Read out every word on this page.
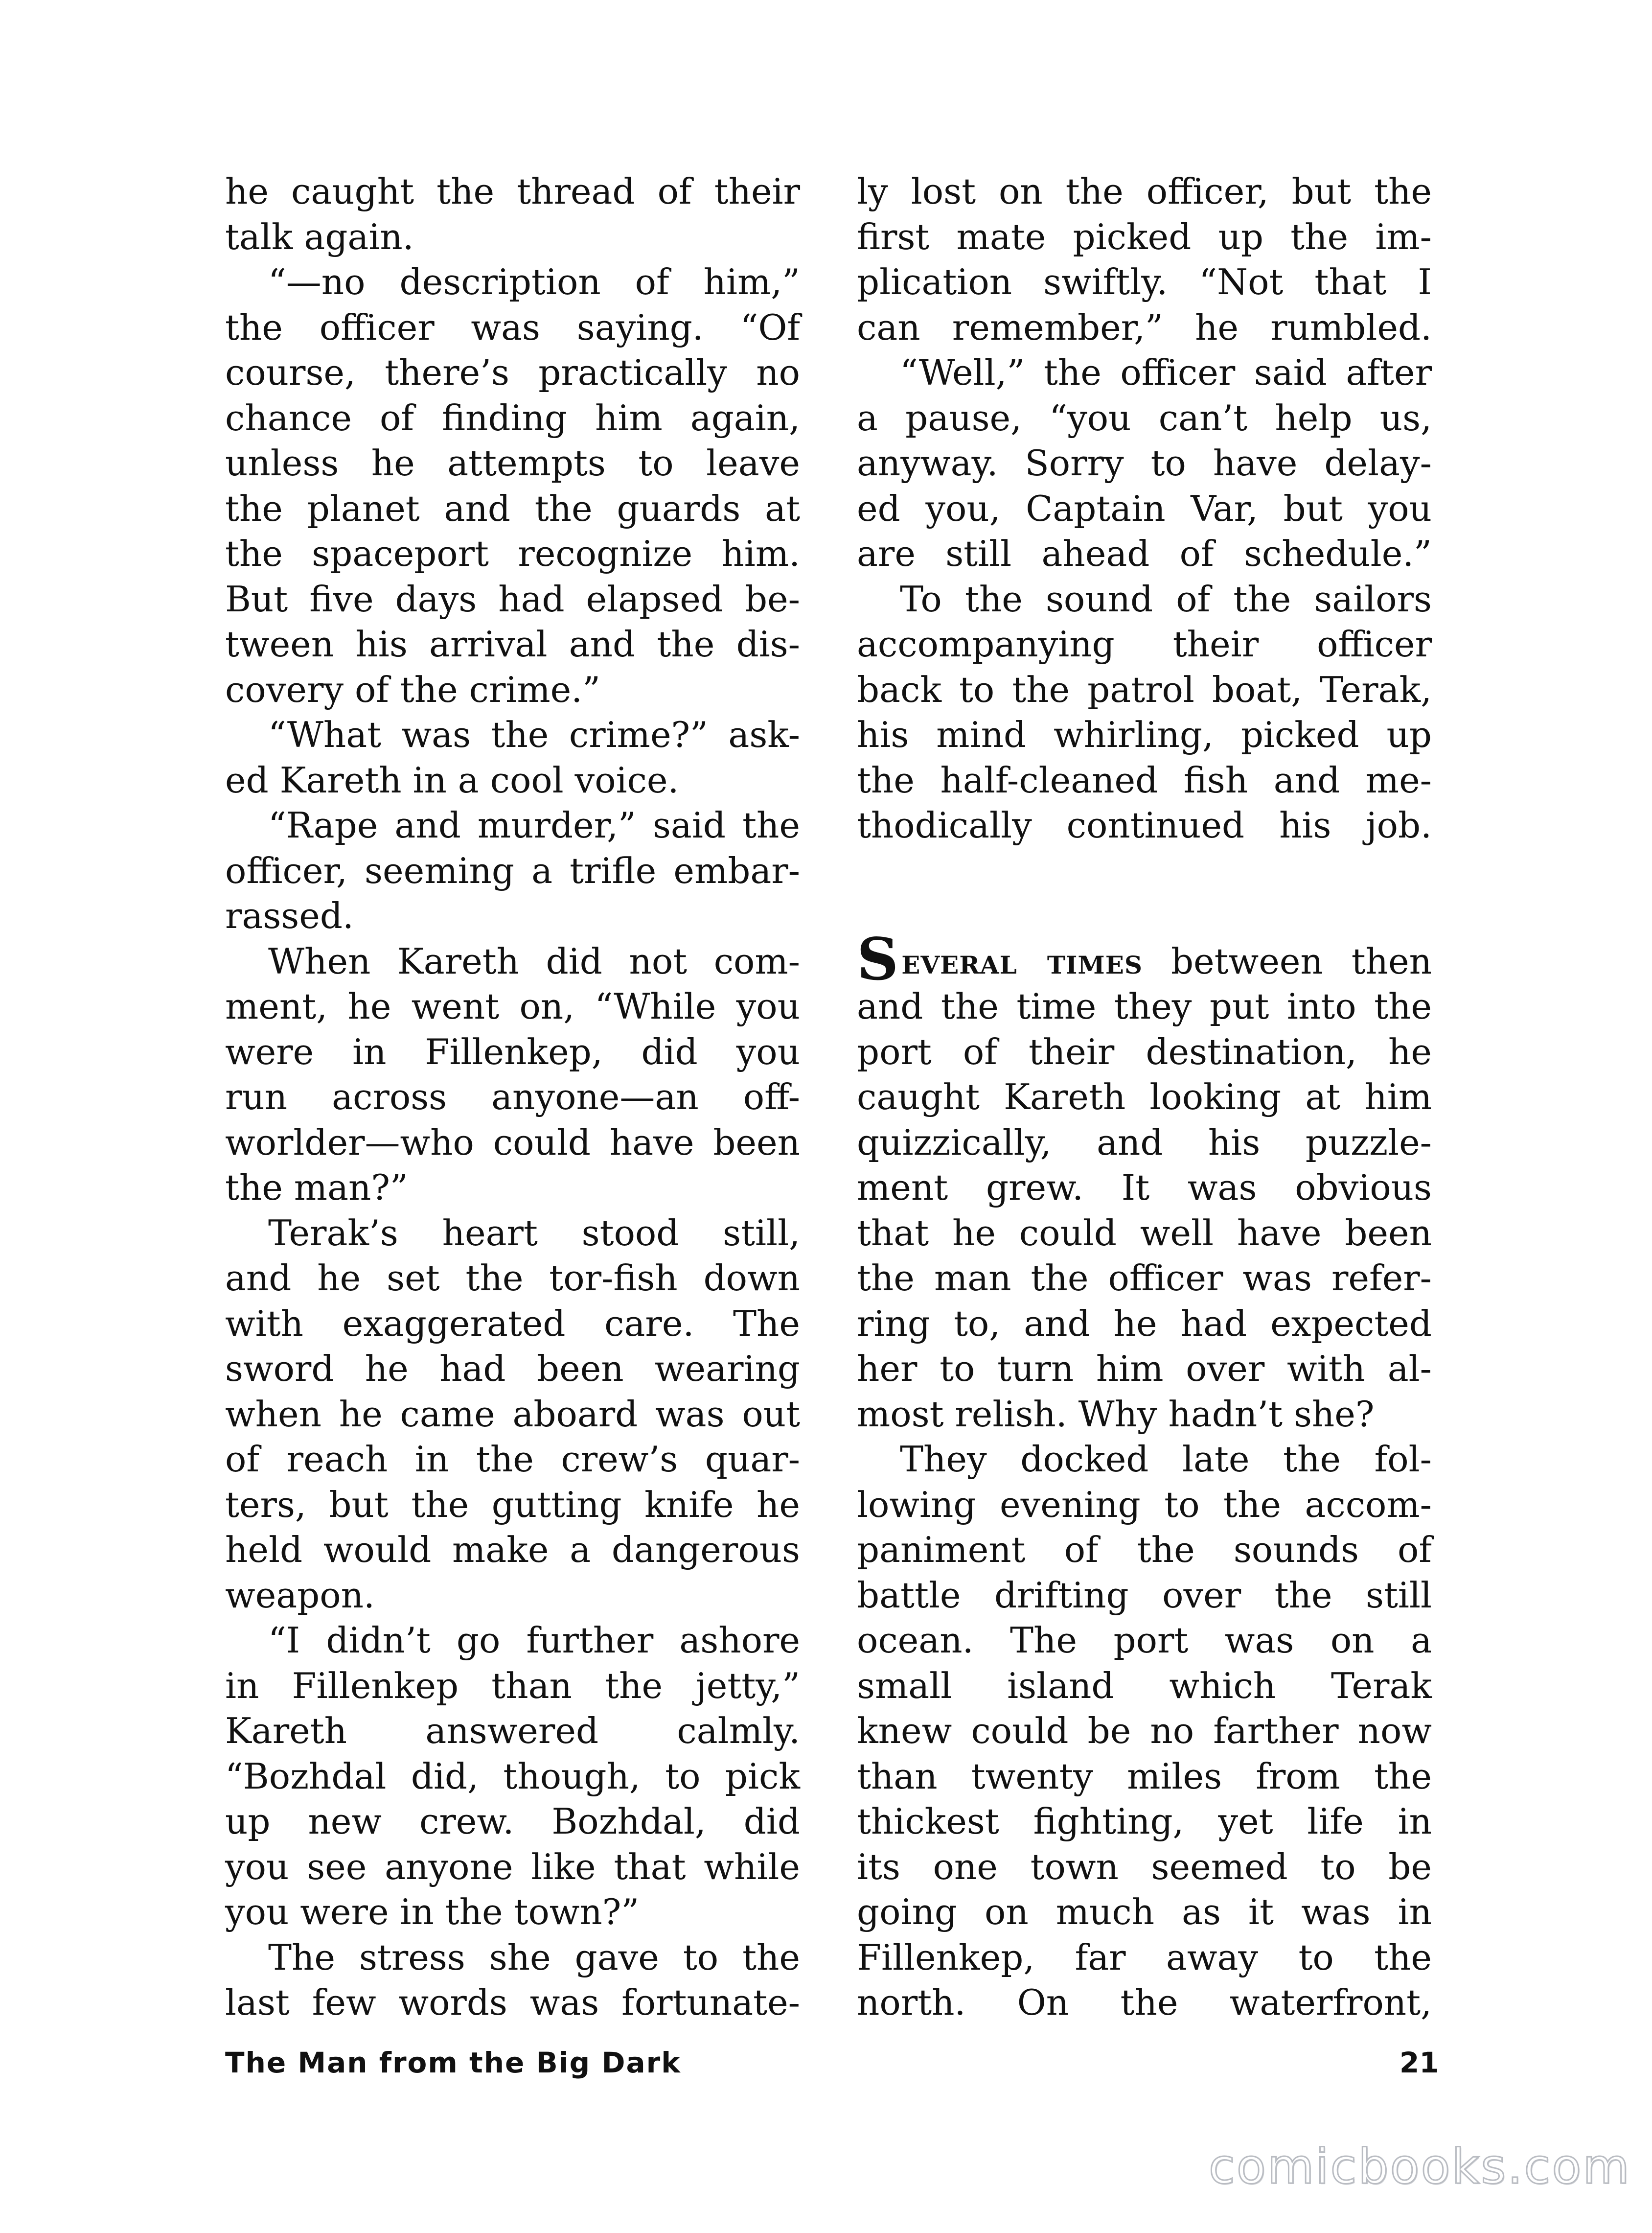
he caught the thread of their
talk again.
“—no description of him,”
the officer was saying. “Of
course, there’s practically no
chance of finding him again,
unless he attempts to leave
the planet and the guards at
the spaceport recognize him.
But five days had elapsed be-
tween his arrival and the dis-
covery of the crime.”
“What was the crime?” ask-
ed Kareth in a cool voice.
“Rape and murder,” said the
officer, seeming a trifle embar-
rassed.
When Kareth did not com-
ment, he went on, “While you
were in Fillenkep, did you
run across anyone—an off-
worlder—who could have been
the man?”
Terak’s heart stood still,
and he set the tor-fish down
with exaggerated care. The
sword he had been wearing
when he came aboard was out
of reach in the crew’s quar-
ters, but the gutting knife he
held would make a dangerous
weapon.
“I didn’t go further ashore
in Fillenkep than the jetty,”
Kareth answered calmly.
“Bozhdal did, though, to pick
up new crew. Bozhdal, did
you see anyone like that while
you were in the town?”
The stress she gave to the
last few words was fortunate-
ly lost on the officer, but the
first mate picked up the im-
plication swiftly. “Not that I
can remember,” he rumbled.
“Well,” the officer said after
a pause, “you can’t help us,
anyway. Sorry to have delay-
ed you, Captain Var, but you
are still ahead of schedule.”
To the sound of the sailors
accompanying their officer
back to the patrol boat, Terak,
his mind whirling, picked up
the half-cleaned fish and me-
thodically continued his job.
Several times between then
and the time they put into the
port of their destination, he
caught Kareth looking at him
quizzically, and his puzzle-
ment grew. It was obvious
that he could well have been
the man the officer was refer-
ring to, and he had expected
her to turn him over with al-
most relish. Why hadn’t she?
They docked late the fol-
lowing evening to the accom-
paniment of the sounds of
battle drifting over the still
ocean. The port was on a
small island which Terak
knew could be no farther now
than twenty miles from the
thickest fighting, yet life in
its one town seemed to be
going on much as it was in
Fillenkep, far away to the
north. On the waterfront,
The Man from the Big Dark	21
comicbooks.com
